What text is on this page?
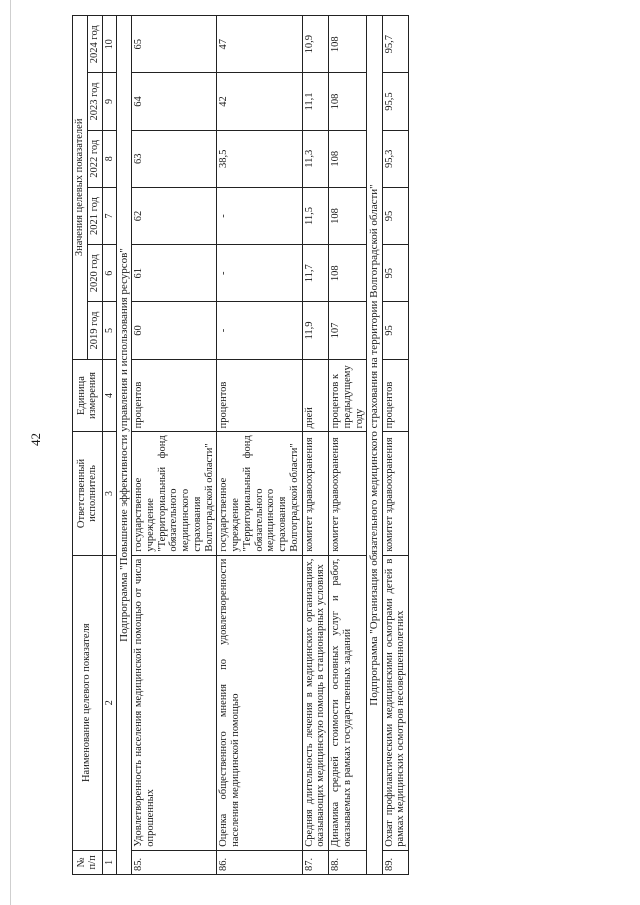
42
№ п/п	Наименование целевого показателя	Ответственный исполнитель	Единица измерения	Значения целевых показателей					
				2019 год	2020 год	2021 год	2022 год	2023 год	2024 год
1	2	3	4	5	6	7	8	9	10
Подпрограмма "Повышение эффективности управления и использования ресурсов"									
85.	Удовлетворенность населения медицинской помощью от числа опрошенных	государственное учреждение "Территориальный фонд обязательного медицинского страхования Волгоградской области"	процентов	60	61	62	63	64	65
86.	Оценка общественного мнения по удовлетворенности населения медицинской помощью	государственное учреждение "Территориальный фонд обязательного медицинского страхования Волгоградской области"	процентов	-	-	-	38,5	42	47
87.	Средняя длительность лечения в медицинских организациях, оказывающих медицинскую помощь в стационарных условиях	комитет здравоохранения	дней	11,9	11,7	11,5	11,3	11,1	10,9
88.	Динамика средней стоимости основных услуг и работ, оказываемых в рамках государственных заданий	комитет здравоохранения	процентов к предыдущему году	107	108	108	108	108	108
Подпрограмма "Организация обязательного медицинского страхования на территории Волгоградской области"									
89.	Охват профилактическими медицинскими осмотрами детей в рамках медицинских осмотров несовершеннолетних	комитет здравоохранения	процентов	95	95	95	95,3	95,5	95,7
